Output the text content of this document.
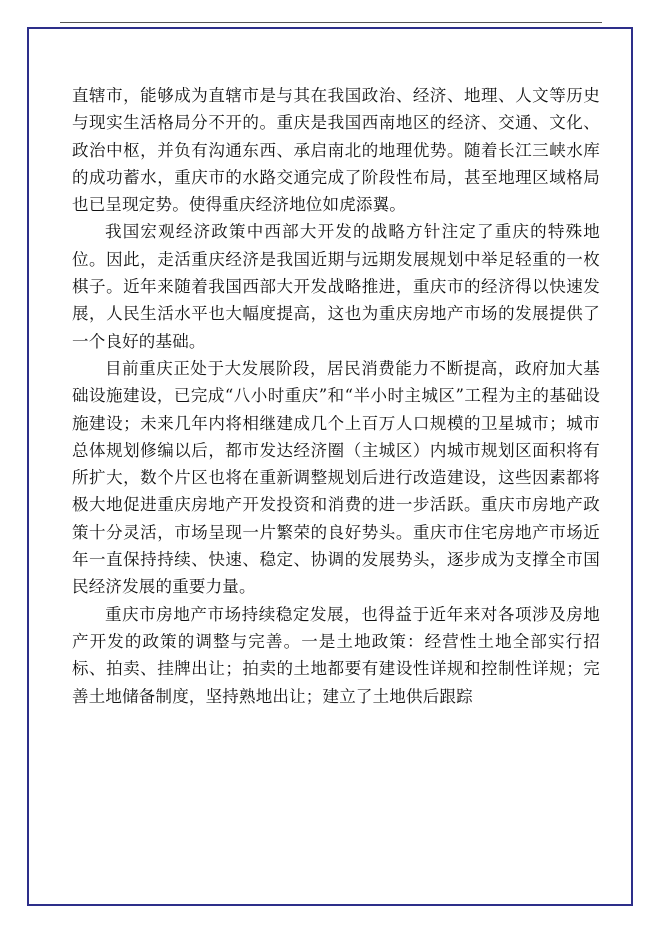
直辖市，能够成为直辖市是与其在我国政治、经济、地理、人文等历史与现实生活格局分不开的。重庆是我国西南地区的经济、交通、文化、政治中枢，并负有沟通东西、承启南北的地理优势。随着长江三峡水库的成功蓄水，重庆市的水路交通完成了阶段性布局，甚至地理区域格局也已呈现定势。使得重庆经济地位如虎添翼。

我国宏观经济政策中西部大开发的战略方针注定了重庆的特殊地位。因此，走活重庆经济是我国近期与远期发展规划中举足轻重的一枚棋子。近年来随着我国西部大开发战略推进，重庆市的经济得以快速发展，人民生活水平也大幅度提高，这也为重庆房地产市场的发展提供了一个良好的基础。

目前重庆正处于大发展阶段，居民消费能力不断提高，政府加大基础设施建设，已完成“八小时重庆”和“半小时主城区”工程为主的基础设施建设；未来几年内将相继建成几个上百万人口规模的卫星城市；城市总体规划修编以后，都市发达经济圈（主城区）内城市规划区面积将有所扩大，数个片区也将在重新调整规划后进行改造建设，这些因素都将极大地促进重庆房地产开发投资和消费的进一步活跃。重庆市房地产政策十分灵活，市场呈现一片繁荣的良好势头。重庆市住宅房地产市场近年一直保持持续、快速、稳定、协调的发展势头，逐步成为支撑全市国民经济发展的重要力量。

重庆市房地产市场持续稳定发展，也得益于近年来对各项涉及房地产开发的政策的调整与完善。一是土地政策：经营性土地全部实行招标、拍卖、挂牌出让；拍卖的土地都要有建设性详规和控制性详规；完善土地储备制度，坚持熟地出让；建立了土地供后跟踪
